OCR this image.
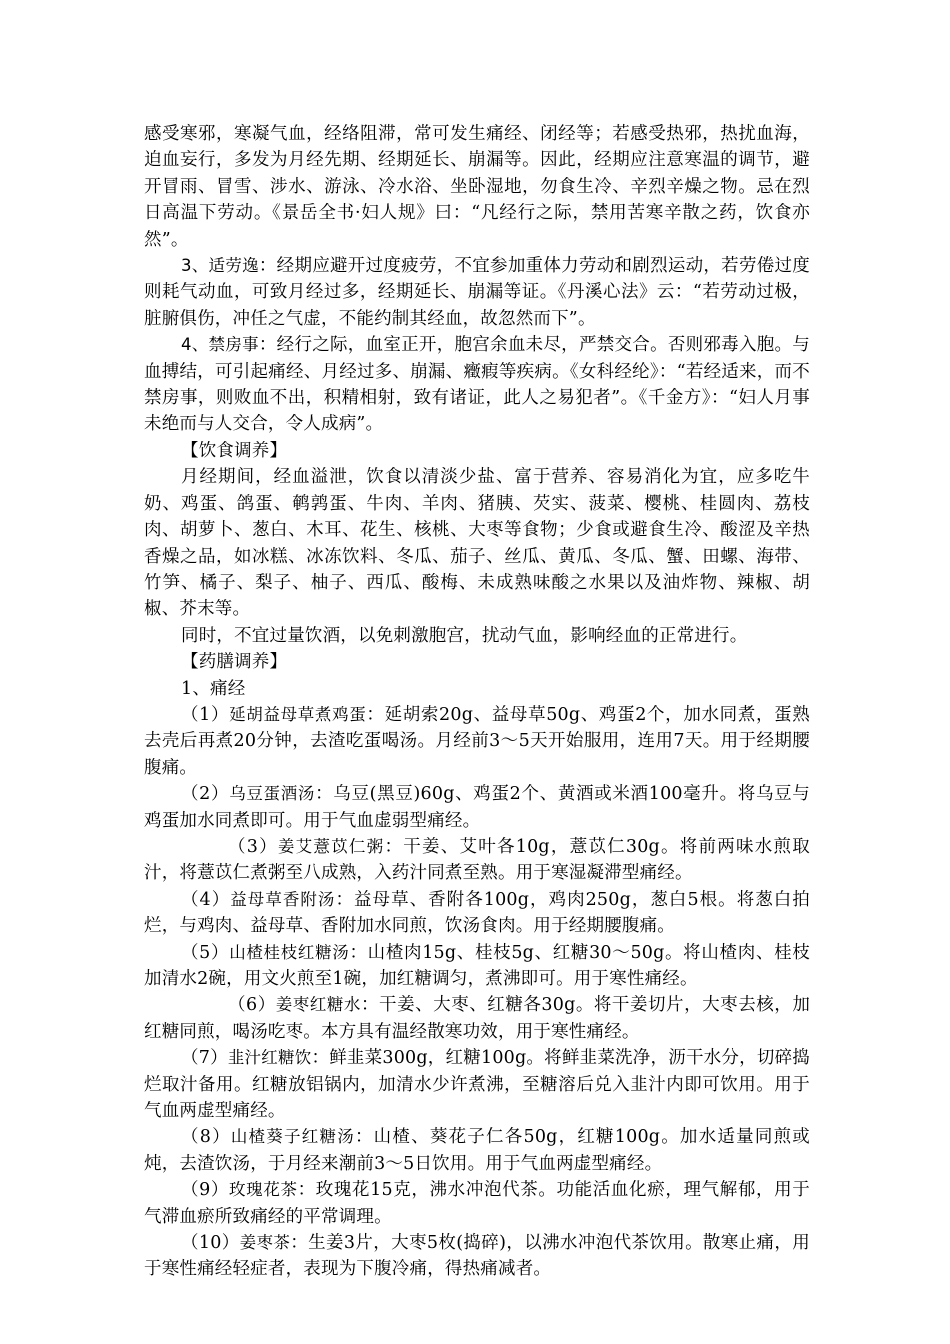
感受寒邪，寒凝气血，经络阻滞，常可发生痛经、闭经等；若感受热邪，热扰血海，迫血妄行，多发为月经先期、经期延长、崩漏等。因此，经期应注意寒温的调节，避开冒雨、冒雪、涉水、游泳、冷水浴、坐卧湿地，勿食生冷、辛烈辛燥之物。忌在烈日高温下劳动。《景岳全书·妇人规》曰：“凡经行之际，禁用苦寒辛散之药，饮食亦然”。

3、适劳逸：经期应避开过度疲劳，不宜参加重体力劳动和剧烈运动，若劳倦过度则耗气动血，可致月经过多，经期延长、崩漏等证。《丹溪心法》云：“若劳动过极，脏腑俱伤，冲任之气虚，不能约制其经血，故忽然而下”。

4、禁房事：经行之际，血室正开，胞宫余血未尽，严禁交合。否则邪毒入胞。与血搏结，可引起痛经、月经过多、崩漏、癥瘕等疾病。《女科经纶》：“若经适来，而不禁房事，则败血不出，积精相射，致有诸证，此人之易犯者”。《千金方》：“妇人月事未绝而与人交合，令人成病”。

【饮食调养】

月经期间，经血溢泄，饮食以清淡少盐、富于营养、容易消化为宜，应多吃牛奶、鸡蛋、鸽蛋、鹌鹑蛋、牛肉、羊肉、猪胰、芡实、菠菜、樱桃、桂圆肉、荔枝肉、胡萝卜、葱白、木耳、花生、核桃、大枣等食物；少食或避食生冷、酸涩及辛热香燥之品，如冰糕、冰冻饮料、冬瓜、茄子、丝瓜、黄瓜、冬瓜、蟹、田螺、海带、竹笋、橘子、梨子、柚子、西瓜、酸梅、未成熟味酸之水果以及油炸物、辣椒、胡椒、芥末等。

同时，不宜过量饮酒，以免刺激胞宫，扰动气血，影响经血的正常进行。

【药膳调养】

1、痛经

（1）延胡益母草煮鸡蛋：延胡索20g、益母草50g、鸡蛋2个，加水同煮，蛋熟去壳后再煮20分钟，去渣吃蛋喝汤。月经前3～5天开始服用，连用7天。用于经期腰腹痛。

（2）乌豆蛋酒汤：乌豆(黑豆)60g、鸡蛋2个、黄酒或米酒100毫升。将乌豆与鸡蛋加水同煮即可。用于气血虚弱型痛经。

（3）姜艾薏苡仁粥：干姜、艾叶各10g，薏苡仁30g。将前两味水煎取汁，将薏苡仁煮粥至八成熟，入药汁同煮至熟。用于寒湿凝滞型痛经。

（4）益母草香附汤：益母草、香附各100g，鸡肉250g，葱白5根。将葱白拍烂，与鸡肉、益母草、香附加水同煎，饮汤食肉。用于经期腰腹痛。

（5）山楂桂枝红糖汤：山楂肉15g、桂枝5g、红糖30～50g。将山楂肉、桂枝加清水2碗，用文火煎至1碗，加红糖调匀，煮沸即可。用于寒性痛经。

（6）姜枣红糖水：干姜、大枣、红糖各30g。将干姜切片，大枣去核，加红糖同煎，喝汤吃枣。本方具有温经散寒功效，用于寒性痛经。

（7）韭汁红糖饮：鲜韭菜300g，红糖100g。将鲜韭菜洗净，沥干水分，切碎捣烂取汁备用。红糖放铝锅内，加清水少许煮沸，至糖溶后兑入韭汁内即可饮用。用于气血两虚型痛经。

（8）山楂葵子红糖汤：山楂、葵花子仁各50g，红糖100g。加水适量同煎或炖，去渣饮汤，于月经来潮前3～5日饮用。用于气血两虚型痛经。

（9）玫瑰花茶：玫瑰花15克，沸水冲泡代茶。功能活血化瘀，理气解郁，用于气滞血瘀所致痛经的平常调理。

（10）姜枣茶：生姜3片，大枣5枚(捣碎)，以沸水冲泡代茶饮用。散寒止痛，用于寒性痛经轻症者，表现为下腹冷痛，得热痛减者。
